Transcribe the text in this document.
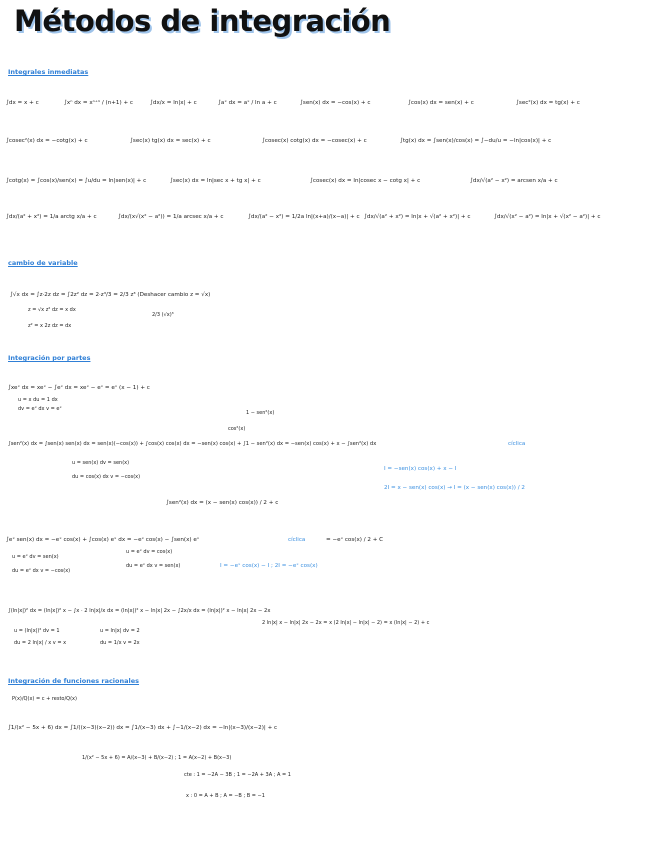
Métodos de integración
Integrales inmediatas
∫dx = x + c	∫xⁿ dx = xⁿ⁺¹ / (n+1) + c	∫dx/x = ln|x| + c	∫aˣ dx = aˣ / ln a + c	∫sen(x) dx = −cos(x) + c	∫cos(x) dx = sen(x) + c	∫sec²(x) dx = tg(x) + c
∫cosec²(x) dx = −cotg(x) + c	∫sec(x) tg(x) dx = sec(x) + c	∫cosec(x) cotg(x) dx = −cosec(x) + c	∫tg(x) dx = ∫sen(x)/cos(x) = ∫−du/u = −ln|cos(x)| + c
∫cotg(x) = ∫cos(x)/sen(x) = ∫u/du = ln|sen(x)| + c	∫sec(x) dx = ln|sec x + tg x| + c	∫cosec(x) dx = ln|cosec x − cotg x| + c	∫dx/√(a² − x²) = arcsen x/a + c
∫dx/(a² + x²) = 1/a arctg x/a + c	∫dx/(x√(x² − a²)) = 1/a arcsec x/a + c	∫dx/(a² − x²) = 1/2a ln|(x+a)/(x−a)| + c ∫dx/√(a² + x²) = ln|x + √(a² + x²)| + c	∫dx/√(x² − a²) = ln|x + √(x² − a²)| + c
cambio de variable
∫√x dx = ∫z·2z dz = ∫2z² dz = 2·z³/3 = 2/3 z³ (Deshacer cambio z = √x)
z = √x z² dz = x dx
2/3 (√x)³
z² = x 2z dz = dx
Integración por partes
∫xeˣ dx = xeˣ − ∫eˣ dx = xeˣ − eˣ = eˣ (x − 1) + c
u = x du = 1 dx
dv = eˣ dx v = eˣ
1 − sen²(x)
cos²(x)
∫sen²(x) dx = ∫sen(x) sen(x) dx = sen(x)(−cos(x)) + ∫cos(x) cos(x) dx = −sen(x) cos(x) + ∫1 − sen²(x) dx = −sen(x) cos(x) + x − ∫sen²(x) dx	cíclica
u = sen(x) dv = sen(x)
du = cos(x) dx v = −cos(x)
I = −sen(x) cos(x) + x − I
2I = x − sen(x) cos(x) → I = (x − sen(x) cos(x)) / 2
∫sen²(x) dx = (x − sen(x) cos(x)) / 2 + c
∫eˣ sen(x) dx = −eˣ cos(x) + ∫cos(x) eˣ dx = −eˣ cos(x) − ∫sen(x) eˣ	cíclica	= −eˣ cos(x) / 2 + C
u = eˣ dv = sen(x)
du = eˣ dx v = −cos(x)
u = eˣ dv = cos(x)
du = eˣ dx v = sen(x)	I = −eˣ cos(x) − I ; 2I = −eˣ cos(x)
∫(ln|x|)² dx = (ln|x|)² x − ∫x · 2 ln|x|/x dx = (ln|x|)² x − ln|x| 2x − ∫2x/x dx = (ln|x|)² x − ln|x| 2x − 2x
2 ln|x| x − ln|x| 2x − 2x = x (2 ln|x| − ln|x| − 2) = x (ln|x| − 2) + c
u = (ln|x|)² dv = 1
du = 2 ln|x| / x v = x
u = ln|x| dv = 2
du = 1/x v = 2x
Integración de funciones racionales
P(x)/Q(x) = c + resto/Q(x)
∫1/(x² − 5x + 6) dx = ∫1/((x−3)(x−2)) dx = ∫1/(x−3) dx + ∫−1/(x−2) dx = −ln|(x−3)/(x−2)| + c
1/(x² − 5x + 6) = A/(x−3) + B/(x−2) ; 1 = A(x−2) + B(x−3)
cte : 1 = −2A − 3B ; 1 = −2A + 3A ; A = 1
x : 0 = A + B ; A = −B ; B = −1
